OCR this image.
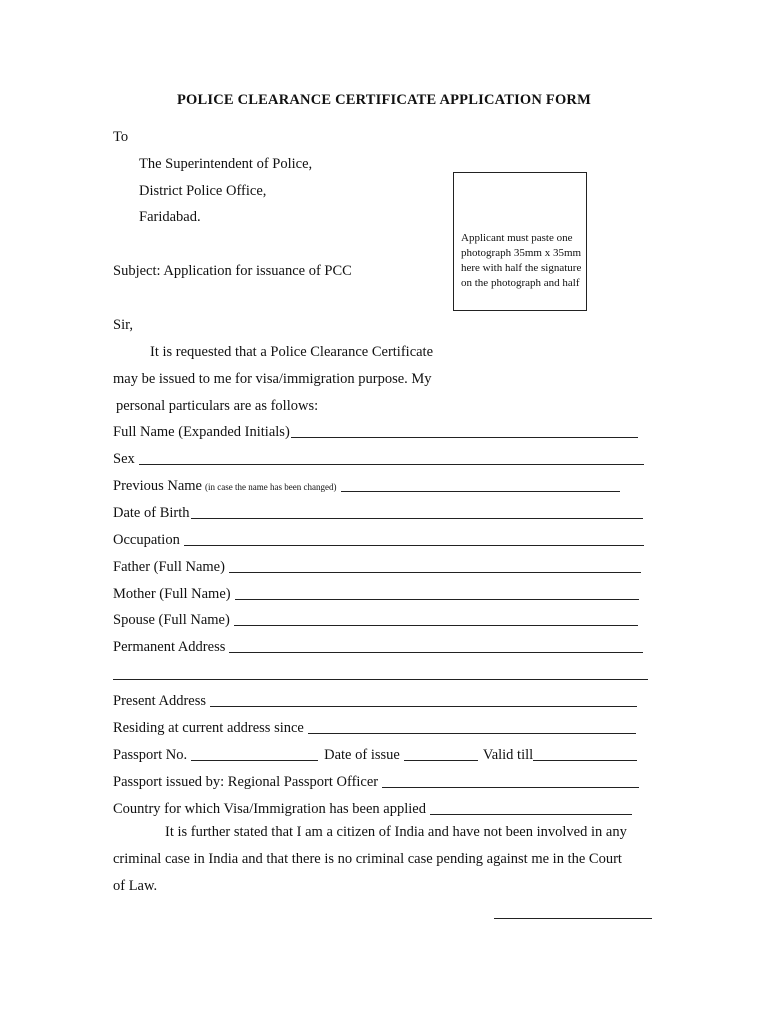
POLICE CLEARANCE CERTIFICATE APPLICATION FORM
To
The Superintendent of Police,
District Police Office,
Faridabad.
Applicant must paste one photograph 35mm x 35mm here with half the signature on the photograph and half
Subject: Application for issuance of PCC
Sir,
It is requested that a Police Clearance Certificate
may be issued to me for visa/immigration purpose. My
personal particulars are as follows:
Full Name (Expanded Initials)
Sex
Previous Name (in case the name has been changed)
Date of Birth
Occupation
Father (Full Name)
Mother (Full Name)
Spouse (Full Name)
Permanent Address
Present Address
Residing at current address since
Passport No.	Date of issue	Valid till
Passport issued by: Regional Passport Officer
Country for which Visa/Immigration has been applied
It is further stated that I am a citizen of India and have not been involved in any
criminal case in India and that there is no criminal case pending against me in the Court
of Law.
